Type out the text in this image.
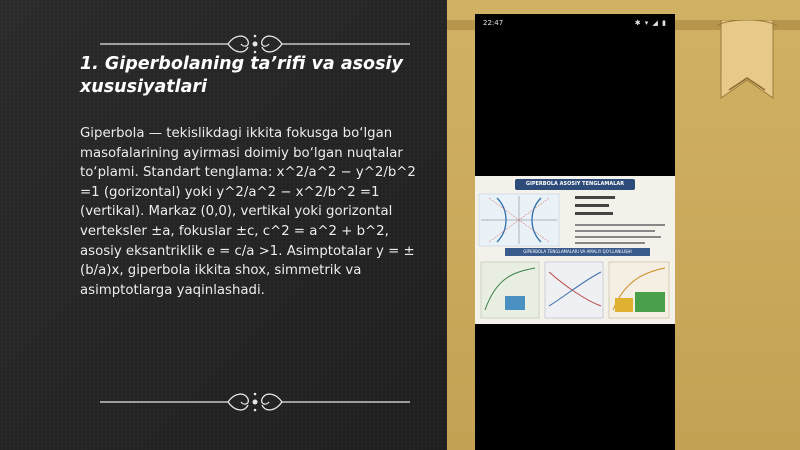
1. Giperbolaning ta’rifi va asosiy xususiyatlari
Giperbola — tekislikdagi ikkita fokusga bo‘lgan masofalarining ayirmasi doimiy bo‘lgan nuqtalar to‘plami. Standart tenglama: x^2/a^2 − y^2/b^2 =1 (gorizontal) yoki y^2/a^2 − x^2/b^2 =1 (vertikal). Markaz (0,0), vertikal yoki gorizontal verteksler ±a, fokuslar ±c, c^2 = a^2 + b^2, asosiy eksantriklik e = c/a >1. Asimptotalar y = ±(b/a)x, giperbola ikkita shox, simmetrik va asimptotlarga yaqinlashadi.
22:47	✱ ▾ ◢ ▮
GIPERBOLA ASOSIY TENGLAMALAR
GIPERBOLA TENGLAMALARI VA AMALIY QO‘LLANILISHI
